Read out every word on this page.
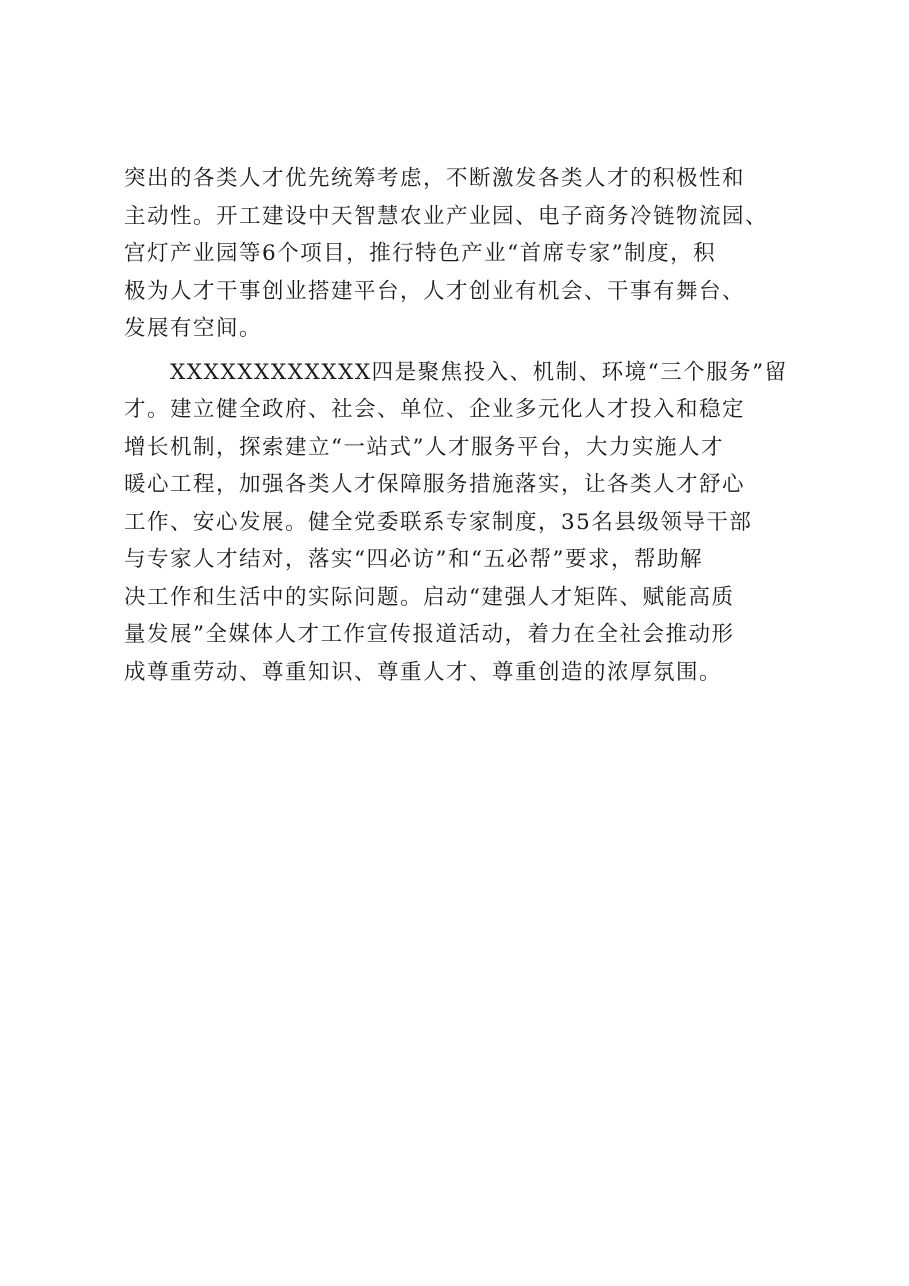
突出的各类人才优先统筹考虑，不断激发各类人才的积极性和
主动性。开工建设中天智慧农业产业园、电子商务冷链物流园、
宫灯产业园等6个项目，推行特色产业“首席专家”制度，积
极为人才干事创业搭建平台，人才创业有机会、干事有舞台、
发展有空间。
XXXXXXXXXXXX四是聚焦投入、机制、环境“三个服务”留
才。建立健全政府、社会、单位、企业多元化人才投入和稳定
增长机制，探索建立“一站式”人才服务平台，大力实施人才
暖心工程，加强各类人才保障服务措施落实，让各类人才舒心
工作、安心发展。健全党委联系专家制度，35名县级领导干部
与专家人才结对，落实“四必访”和“五必帮”要求，帮助解
决工作和生活中的实际问题。启动“建强人才矩阵、赋能高质
量发展”全媒体人才工作宣传报道活动，着力在全社会推动形
成尊重劳动、尊重知识、尊重人才、尊重创造的浓厚氛围。
